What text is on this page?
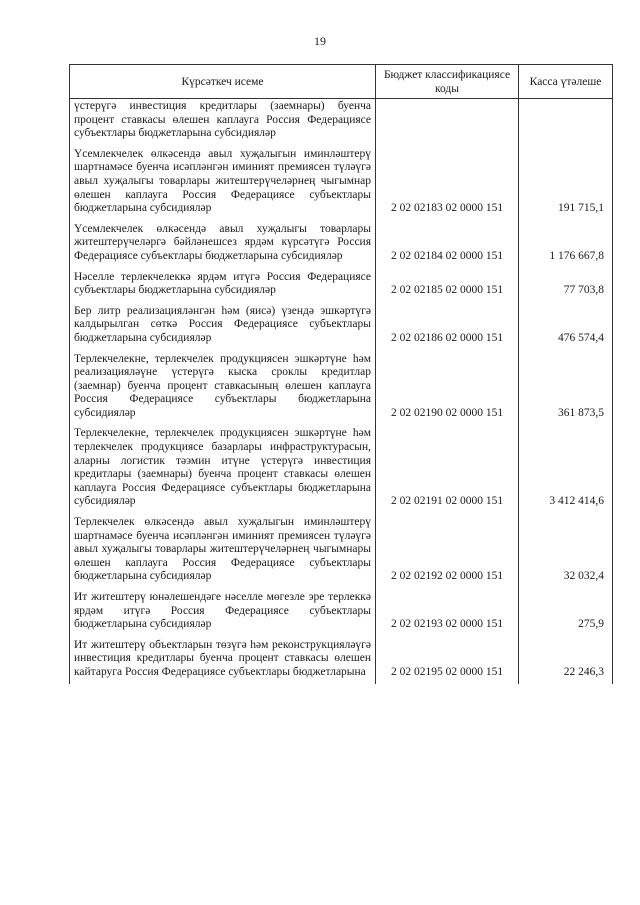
19
Күрсәткеч исеме	Бюджет классификациясе коды	Касса үтәлеше
үстерүгә инвестиция кредитлары (заемнары) буенча процент ставкасы өлешен каплауга Россия Федерациясе субъектлары бюджетларына субсидияләр		
Үсемлекчелек өлкәсендә авыл хуҗалыгын иминләштерү шартнамәсе буенча исәпләнгән иминият премиясен түләүгә авыл хуҗалыгы товарлары житештерүчеләрнең чыгымнар өлешен каплауга Россия Федерациясе субъектлары бюджетларына субсидияләр	2 02 02183 02 0000 151	191 715,1
Үсемлекчелек өлкәсендә авыл хуҗалыгы товарлары житештерүчеләргә бәйләнешсез ярдәм күрсәтүгә Россия Федерациясе субъектлары бюджетларына субсидияләр	2 02 02184 02 0000 151	1 176 667,8
Нәселле терлекчелеккә ярдәм итүгә Россия Федерациясе субъектлары бюджетларына субсидияләр	2 02 02185 02 0000 151	77 703,8
Бер литр реализацияләнгән һәм (яисә) үзендә эшкәртүгә калдырылган сөткә Россия Федерациясе субъектлары бюджетларына субсидияләр	2 02 02186 02 0000 151	476 574,4
Терлекчелекне, терлекчелек продукциясен эшкәртүне һәм реализацияләүне үстерүгә кыска сроклы кредитлар (заемнар) буенча процент ставкасының өлешен каплауга Россия Федерациясе субъектлары бюджетларына субсидияләр	2 02 02190 02 0000 151	361 873,5
Терлекчелекне, терлекчелек продукциясен эшкәртүне һәм терлекчелек продукциясе базарлары инфраструктурасын, аларны логистик тәэмин итүне үстерүгә инвестиция кредитлары (заемнары) буенча процент ставкасы өлешен каплауга Россия Федерациясе субъектлары бюджетларына субсидияләр	2 02 02191 02 0000 151	3 412 414,6
Терлекчелек өлкәсендә авыл хуҗалыгын иминләштерү шартнамәсе буенча исәпләнгән иминият премиясен түләүгә авыл хуҗалыгы товарлары житештерүчеләрнең чыгымнары өлешен каплауга Россия Федерациясе субъектлары бюджетларына субсидияләр	2 02 02192 02 0000 151	32 032,4
Ит житештерү юнәлешендәге нәселле мөгезле эре терлеккә ярдәм итүгә Россия Федерациясе субъектлары бюджетларына субсидияләр	2 02 02193 02 0000 151	275,9
Ит житештерү объектларын төзүгә һәм реконструкцияләүгә инвестиция кредитлары буенча процент ставкасы өлешен кайтаруга Россия Федерациясе субъектлары бюджетларына	2 02 02195 02 0000 151	22 246,3
